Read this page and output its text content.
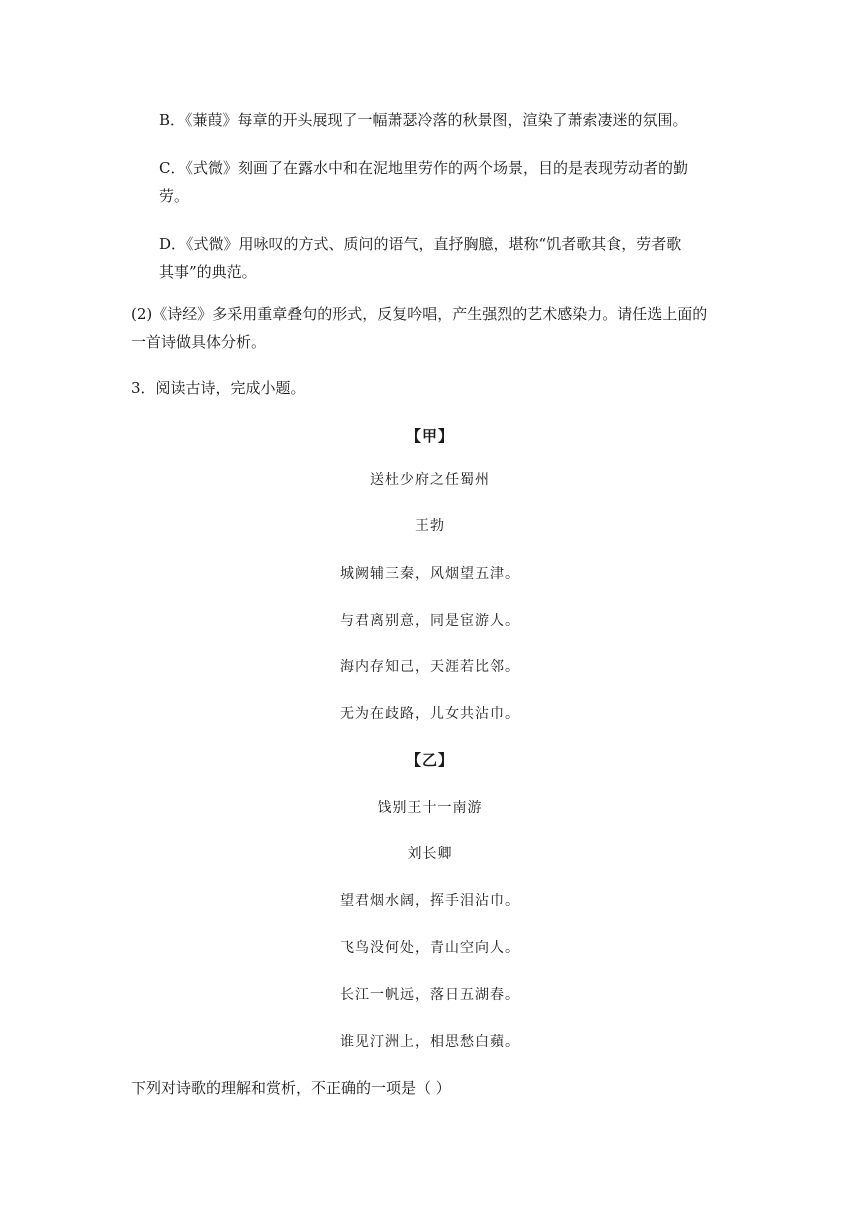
B．《蒹葭》每章的开头展现了一幅萧瑟冷落的秋景图，渲染了萧索凄迷的氛围。

C．《式微》刻画了在露水中和在泥地里劳作的两个场景，目的是表现劳动者的勤

劳。

D．《式微》用咏叹的方式、质问的语气，直抒胸臆，堪称“饥者歌其食，劳者歌

其事”的典范。

(2)《诗经》多采用重章叠句的形式，反复吟唱，产生强烈的艺术感染力。请任选上面的

一首诗做具体分析。

3．阅读古诗，完成小题。

【甲】

送杜少府之任蜀州

王勃

城阙辅三秦，风烟望五津。

与君离别意，同是宦游人。

海内存知己，天涯若比邻。

无为在歧路，儿女共沾巾。

【乙】

饯别王十一南游

刘长卿

望君烟水阔，挥手泪沾巾。

飞鸟没何处，青山空向人。

长江一帆远，落日五湖春。

谁见汀洲上，相思愁白蘋。

下列对诗歌的理解和赏析，不正确的一项是（ ）
